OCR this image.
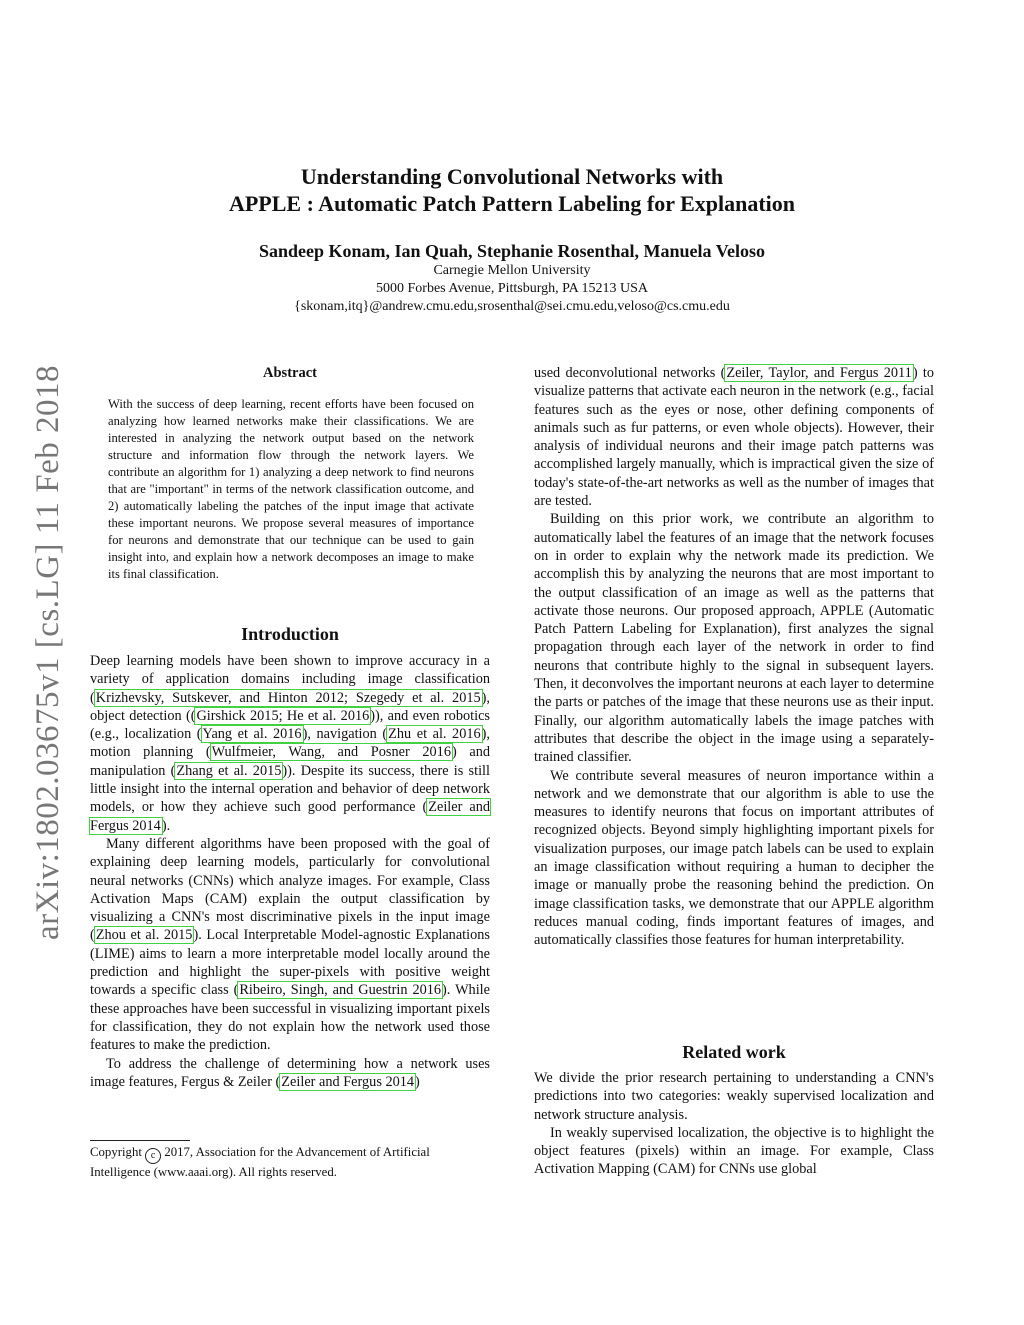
arXiv:1802.03675v1 [cs.LG] 11 Feb 2018
Understanding Convolutional Networks with
APPLE : Automatic Patch Pattern Labeling for Explanation
Sandeep Konam, Ian Quah, Stephanie Rosenthal, Manuela Veloso
Carnegie Mellon University
5000 Forbes Avenue, Pittsburgh, PA 15213 USA
{skonam,itq}@andrew.cmu.edu,srosenthal@sei.cmu.edu,veloso@cs.cmu.edu
Abstract
With the success of deep learning, recent efforts have been focused on analyzing how learned networks make their classifications. We are interested in analyzing the network output based on the network structure and information flow through the network layers. We contribute an algorithm for 1) analyzing a deep network to find neurons that are "important" in terms of the network classification outcome, and 2) automatically labeling the patches of the input image that activate these important neurons. We propose several measures of importance for neurons and demonstrate that our technique can be used to gain insight into, and explain how a network decomposes an image to make its final classification.
Introduction

Deep learning models have been shown to improve accuracy in a variety of application domains including image classification (Krizhevsky, Sutskever, and Hinton 2012; Szegedy et al. 2015), object detection ((Girshick 2015; He et al. 2016)), and even robotics (e.g., localization (Yang et al. 2016), navigation (Zhu et al. 2016), motion planning (Wulfmeier, Wang, and Posner 2016) and manipulation (Zhang et al. 2015)). Despite its success, there is still little insight into the internal operation and behavior of deep network models, or how they achieve such good performance (Zeiler and Fergus 2014).

Many different algorithms have been proposed with the goal of explaining deep learning models, particularly for convolutional neural networks (CNNs) which analyze images. For example, Class Activation Maps (CAM) explain the output classification by visualizing a CNN's most discriminative pixels in the input image (Zhou et al. 2015). Local Interpretable Model-agnostic Explanations (LIME) aims to learn a more interpretable model locally around the prediction and highlight the super-pixels with positive weight towards a specific class (Ribeiro, Singh, and Guestrin 2016). While these approaches have been successful in visualizing important pixels for classification, they do not explain how the network used those features to make the prediction.

To address the challenge of determining how a network uses image features, Fergus & Zeiler (Zeiler and Fergus 2014)

Copyright c 2017, Association for the Advancement of Artificial Intelligence (www.aaai.org). All rights reserved.

used deconvolutional networks (Zeiler, Taylor, and Fergus 2011) to visualize patterns that activate each neuron in the network (e.g., facial features such as the eyes or nose, other defining components of animals such as fur patterns, or even whole objects). However, their analysis of individual neurons and their image patch patterns was accomplished largely manually, which is impractical given the size of today's state-of-the-art networks as well as the number of images that are tested.

Building on this prior work, we contribute an algorithm to automatically label the features of an image that the network focuses on in order to explain why the network made its prediction. We accomplish this by analyzing the neurons that are most important to the output classification of an image as well as the patterns that activate those neurons. Our proposed approach, APPLE (Automatic Patch Pattern Labeling for Explanation), first analyzes the signal propagation through each layer of the network in order to find neurons that contribute highly to the signal in subsequent layers. Then, it deconvolves the important neurons at each layer to determine the parts or patches of the image that these neurons use as their input. Finally, our algorithm automatically labels the image patches with attributes that describe the object in the image using a separately-trained classifier.

We contribute several measures of neuron importance within a network and we demonstrate that our algorithm is able to use the measures to identify neurons that focus on important attributes of recognized objects. Beyond simply highlighting important pixels for visualization purposes, our image patch labels can be used to explain an image classification without requiring a human to decipher the image or manually probe the reasoning behind the prediction. On image classification tasks, we demonstrate that our APPLE algorithm reduces manual coding, finds important features of images, and automatically classifies those features for human interpretability.

Related work

We divide the prior research pertaining to understanding a CNN's predictions into two categories: weakly supervised localization and network structure analysis.

In weakly supervised localization, the objective is to highlight the object features (pixels) within an image. For example, Class Activation Mapping (CAM) for CNNs use global
